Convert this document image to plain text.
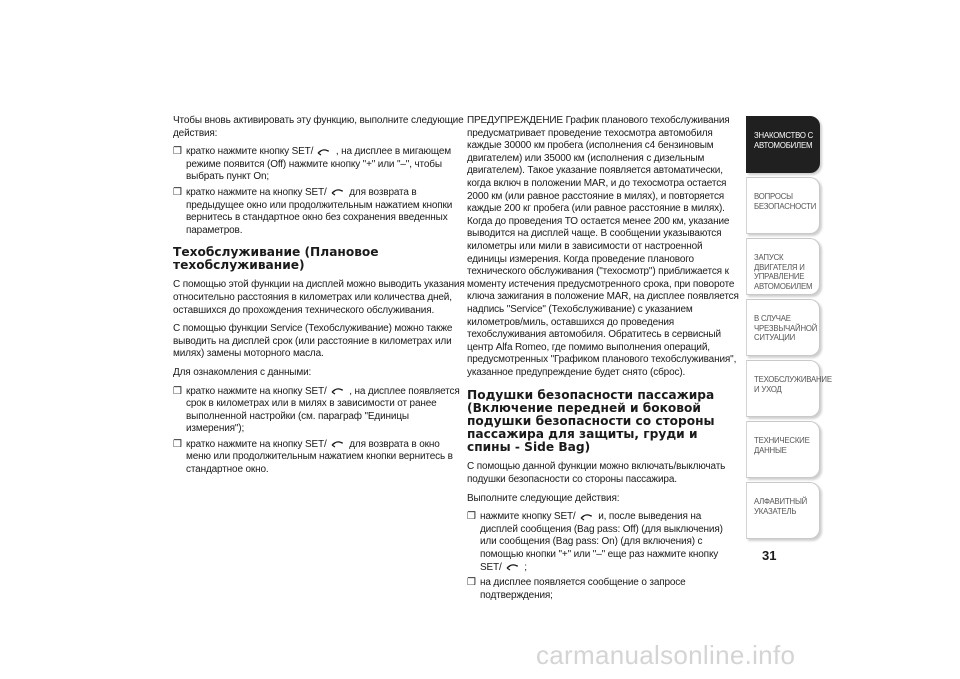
Чтобы вновь активировать эту функцию, выполните следующие действия:

❒ кратко нажмите кнопку SET/ , на дисплее в мигающем режиме появится (Off) нажмите кнопку "+" или "–", чтобы выбрать пункт On;
❒ кратко нажмите на кнопку SET/ для возврата в предыдущее окно или продолжительным нажатием кнопки вернитесь в стандартное окно без сохранения введенных параметров.
Техобслуживание (Плановое техобслуживание)

С помощью этой функции на дисплей можно выводить указания относительно расстояния в километрах или количества дней, оставшихся до прохождения технического обслуживания.

С помощью функции Service (Техобслуживание) можно также выводить на дисплей срок (или расстояние в километрах или милях) замены моторного масла.

Для ознакомления с данными:

❒ кратко нажмите на кнопку SET/ , на дисплее появляется срок в километрах или в милях в зависимости от ранее выполненной настройки (см. параграф "Единицы измерения");
❒ кратко нажмите на кнопку SET/ для возврата в окно меню или продолжительным нажатием кнопки вернитесь в стандартное окно.

ПРЕДУПРЕЖДЕНИЕ График планового техобслуживания предусматривает проведение техосмотра автомобиля каждые 30000 км пробега (исполнения с4 бензиновым двигателем) или 35000 км (исполнения с дизельным двигателем). Такое указание появляется автоматически, когда включ в положении MAR, и до техосмотра остается 2000 км (или равное расстояние в милях), и повторяется каждые 200 кг пробега (или равное расстояние в милях). Когда до проведения ТО остается менее 200 км, указание выводится на дисплей чаще. В сообщении указываются километры или мили в зависимости от настроенной единицы измерения. Когда проведение планового технического обслуживания ("техосмотр") приближается к моменту истечения предусмотренного срока, при повороте ключа зажигания в положение MAR, на дисплее появляется надпись "Service" (Техобслуживание) с указанием километров/миль, оставшихся до проведения техобслуживания автомобиля. Обратитесь в сервисный центр Alfa Romeo, где помимо выполнения операций, предусмотренных "Графиком планового техобслуживания", указанное предупреждение будет снято (сброс).

Подушки безопасности пассажира (Включение передней и боковой подушки безопасности со стороны пассажира для защиты, груди и спины - Side Bag)

С помощью данной функции можно включать/выключать подушки безопасности со стороны пассажира.

Выполните следующие действия:

❒ нажмите кнопку SET/ и, после выведения на дисплей сообщения (Bag pass: Off) (для выключения) или сообщения (Bag pass: On) (для включения) с помощью кнопки "+" или "–" еще раз нажмите кнопку SET/ ;
❒ на дисплее появляется сообщение о запросе подтверждения;
ЗНАКОМСТВО С АВТОМОБИЛЕМ
ВОПРОСЫ БЕЗОПАСНОСТИ
ЗАПУСК ДВИГАТЕЛЯ И УПРАВЛЕНИЕ АВТОМОБИЛЕМ
В СЛУЧАЕ ЧРЕЗВЫЧАЙНОЙ СИТУАЦИИ
ТЕХОБСЛУЖИВАНИЕ И УХОД
ТЕХНИЧЕСКИЕ ДАННЫЕ
АЛФАВИТНЫЙ УКАЗАТЕЛЬ
31
carmanualsonline.info
